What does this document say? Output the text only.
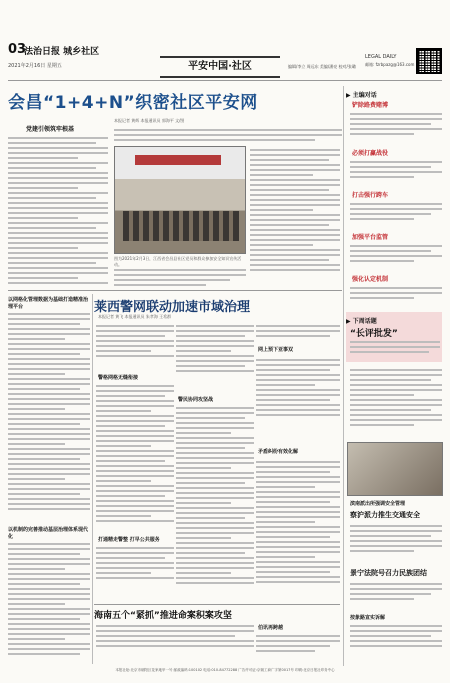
03
法治日报 城乡社区
2021年2月16日 星期五	平安中国·社区	编辑/李立 周远东 美编/潘亮 校对/张璐
LEGAL DAILY
邮箱: fzrbpazg@163.com
会昌“1+4+N”织密社区平安网
党建引领筑牢根基
本报记者 黄辉 本报通讯员 郭海平 文/图
图为2021年2月3日，江西省会昌县社区党员和群众参加安全知识宣传活动。
▶ 主编对话
铲除路费赌博
必须打赢战役
打击强行跨车
加强平台监管
强化认定机制
▶ 下周话题
“长评批发”
莱西警网联动加速市域治理
本报记者 黄飞 本报通讯员 朱孝海 王希群
以网格化管理数据为基础打造精准治理平台
以机制的完善推动基层治理体系现代化
警格网格无缝衔接
打通精走警整 打早公共服务
警民协同攻坚战
网上预下亚事双
矛盾纠纷有效化解
滨南派出所强调安全管理
察沪派力推生交通安全
景宁法院号召力民族团结
按象路宣实诉解
海南五个“紧抓”推进命案积案攻坚
伯讯再跨越
本报社址:北京市朝阳区花家地甲一号 邮政编码:100102 电话:010-84772288 广告许可证:京朝工商广字第0017号 印刷:北京日报社印务中心
